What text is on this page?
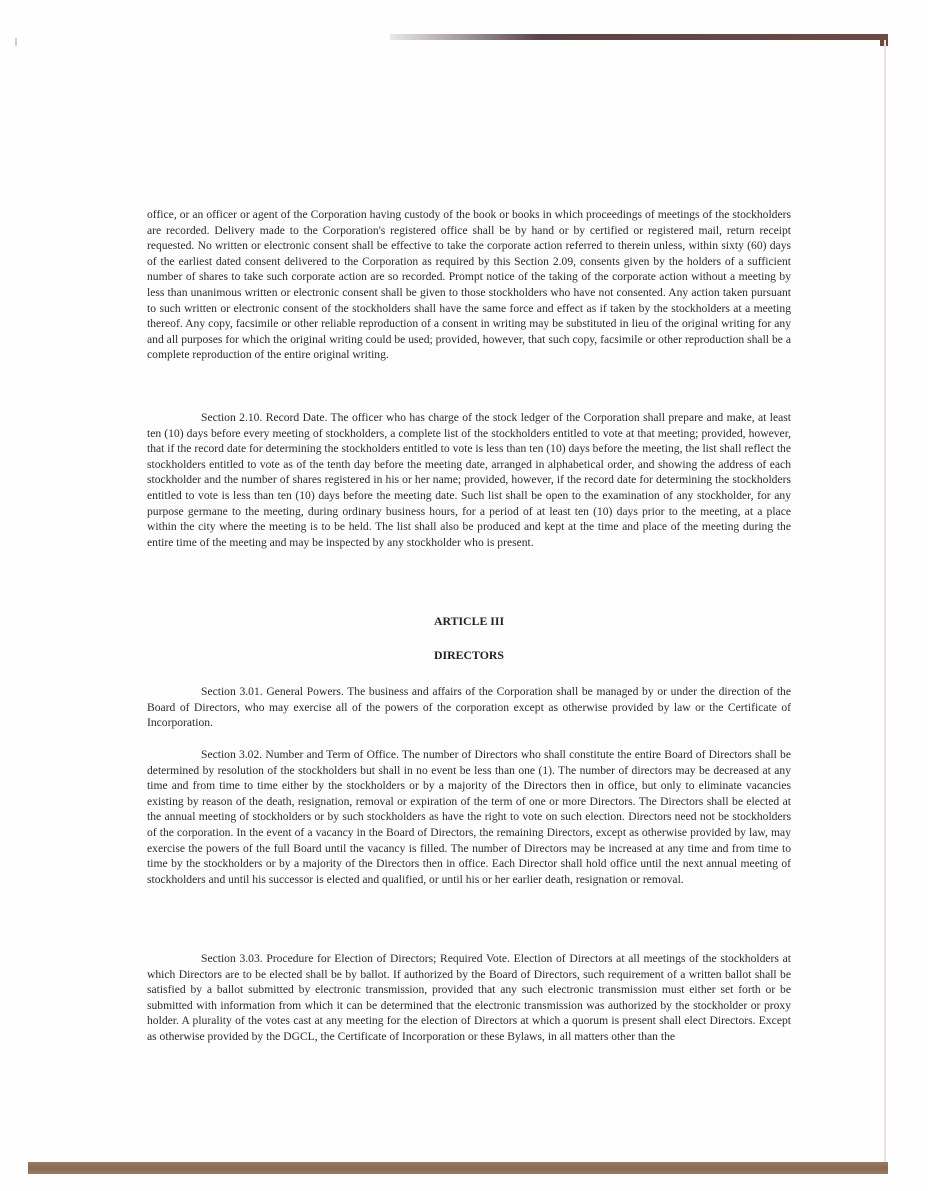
office, or an officer or agent of the Corporation having custody of the book or books in which proceedings of meetings of the stockholders are recorded. Delivery made to the Corporation's registered office shall be by hand or by certified or registered mail, return receipt requested. No written or electronic consent shall be effective to take the corporate action referred to therein unless, within sixty (60) days of the earliest dated consent delivered to the Corporation as required by this Section 2.09, consents given by the holders of a sufficient number of shares to take such corporate action are so recorded. Prompt notice of the taking of the corporate action without a meeting by less than unanimous written or electronic consent shall be given to those stockholders who have not consented. Any action taken pursuant to such written or electronic consent of the stockholders shall have the same force and effect as if taken by the stockholders at a meeting thereof. Any copy, facsimile or other reliable reproduction of a consent in writing may be substituted in lieu of the original writing for any and all purposes for which the original writing could be used; provided, however, that such copy, facsimile or other reproduction shall be a complete reproduction of the entire original writing.

Section 2.10. Record Date. The officer who has charge of the stock ledger of the Corporation shall prepare and make, at least ten (10) days before every meeting of stockholders, a complete list of the stockholders entitled to vote at that meeting; provided, however, that if the record date for determining the stockholders entitled to vote is less than ten (10) days before the meeting, the list shall reflect the stockholders entitled to vote as of the tenth day before the meeting date, arranged in alphabetical order, and showing the address of each stockholder and the number of shares registered in his or her name; provided, however, if the record date for determining the stockholders entitled to vote is less than ten (10) days before the meeting date. Such list shall be open to the examination of any stockholder, for any purpose germane to the meeting, during ordinary business hours, for a period of at least ten (10) days prior to the meeting, at a place within the city where the meeting is to be held. The list shall also be produced and kept at the time and place of the meeting during the entire time of the meeting and may be inspected by any stockholder who is present.

ARTICLE III
DIRECTORS

Section 3.01. General Powers. The business and affairs of the Corporation shall be managed by or under the direction of the Board of Directors, who may exercise all of the powers of the corporation except as otherwise provided by law or the Certificate of Incorporation.

Section 3.02. Number and Term of Office. The number of Directors who shall constitute the entire Board of Directors shall be determined by resolution of the stockholders but shall in no event be less than one (1). The number of directors may be decreased at any time and from time to time either by the stockholders or by a majority of the Directors then in office, but only to eliminate vacancies existing by reason of the death, resignation, removal or expiration of the term of one or more Directors. The Directors shall be elected at the annual meeting of stockholders or by such stockholders as have the right to vote on such election. Directors need not be stockholders of the corporation. In the event of a vacancy in the Board of Directors, the remaining Directors, except as otherwise provided by law, may exercise the powers of the full Board until the vacancy is filled. The number of Directors may be increased at any time and from time to time by the stockholders or by a majority of the Directors then in office. Each Director shall hold office until the next annual meeting of stockholders and until his successor is elected and qualified, or until his or her earlier death, resignation or removal.

Section 3.03. Procedure for Election of Directors; Required Vote. Election of Directors at all meetings of the stockholders at which Directors are to be elected shall be by ballot. If authorized by the Board of Directors, such requirement of a written ballot shall be satisfied by a ballot submitted by electronic transmission, provided that any such electronic transmission must either set forth or be submitted with information from which it can be determined that the electronic transmission was authorized by the stockholder or proxy holder. A plurality of the votes cast at any meeting for the election of Directors at which a quorum is present shall elect Directors. Except as otherwise provided by the DGCL, the Certificate of Incorporation or these Bylaws, in all matters other than the
